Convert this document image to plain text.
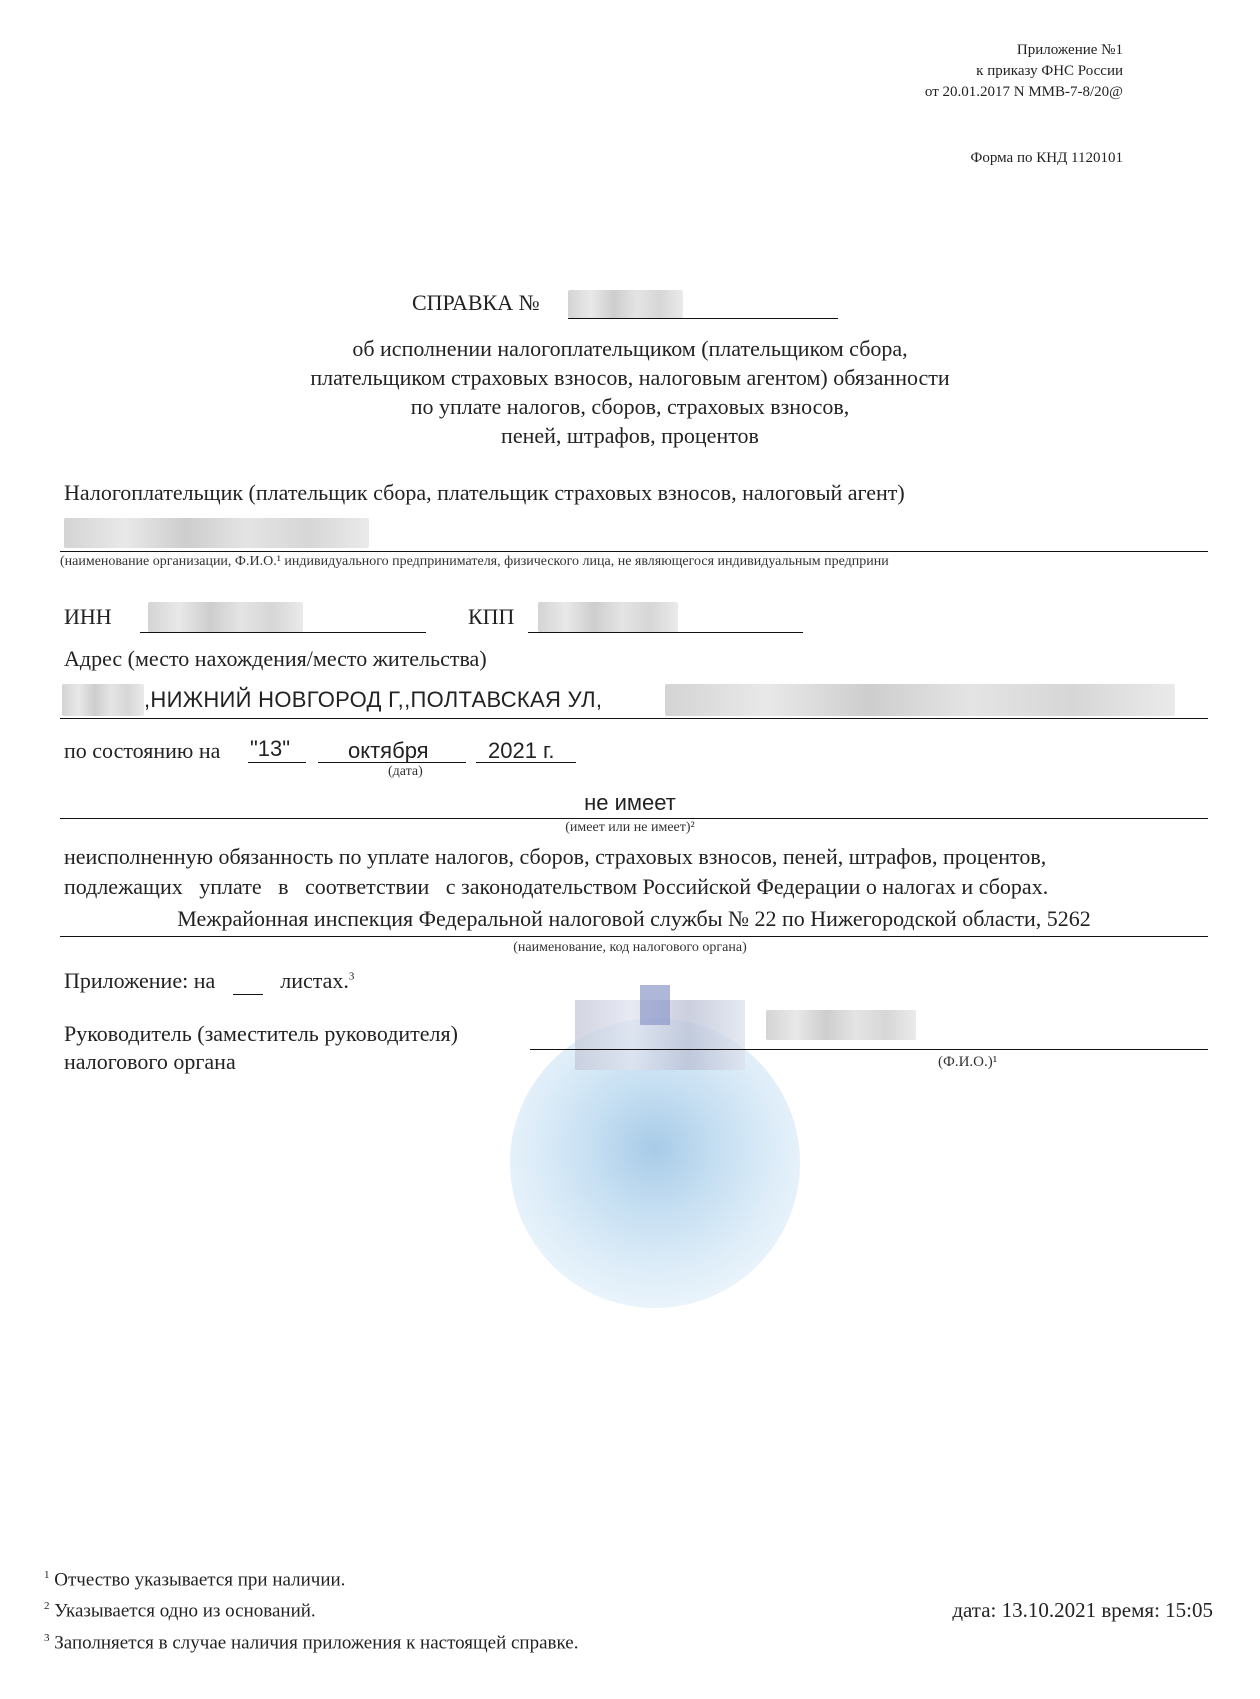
Приложение №1
к приказу ФНС России
от 20.01.2017 N ММВ-7-8/20@
Форма по КНД 1120101
СПРАВКА №
об исполнении налогоплательщиком (плательщиком сбора,
плательщиком страховых взносов, налоговым агентом) обязанности
по уплате налогов, сборов, страховых взносов,
пеней, штрафов, процентов
Налогоплательщик (плательщик сбора, плательщик страховых взносов, налоговый агент)
(наименование организации, Ф.И.О.¹ индивидуального предпринимателя, физического лица, не являющегося индивидуальным предприни
ИНН	КПП
Адрес (место нахождения/место жительства)
,НИЖНИЙ НОВГОРОД Г,,ПОЛТАВСКАЯ УЛ,
по состоянию на "13"	октября	2021 г.
(дата)
не имеет
(имеет или не имеет)²
неисполненную обязанность по уплате налогов, сборов, страховых взносов, пеней, штрафов, процентов,
подлежащих   уплате   в   соответствии   с законодательством Российской Федерации о налогах и сборах.
Межрайонная инспекция Федеральной налоговой службы № 22 по Нижегородской области, 5262
(наименование, код налогового органа)
Приложение: на	листах.$^3$
Руководитель (заместитель руководителя)
налогового органа	(Ф.И.О.)¹
$^1$ Отчество указывается при наличии.
$^2$ Указывается одно из оснований.
$^3$ Заполняется в случае наличия приложения к настоящей справке.
дата: 13.10.2021 время: 15:05
